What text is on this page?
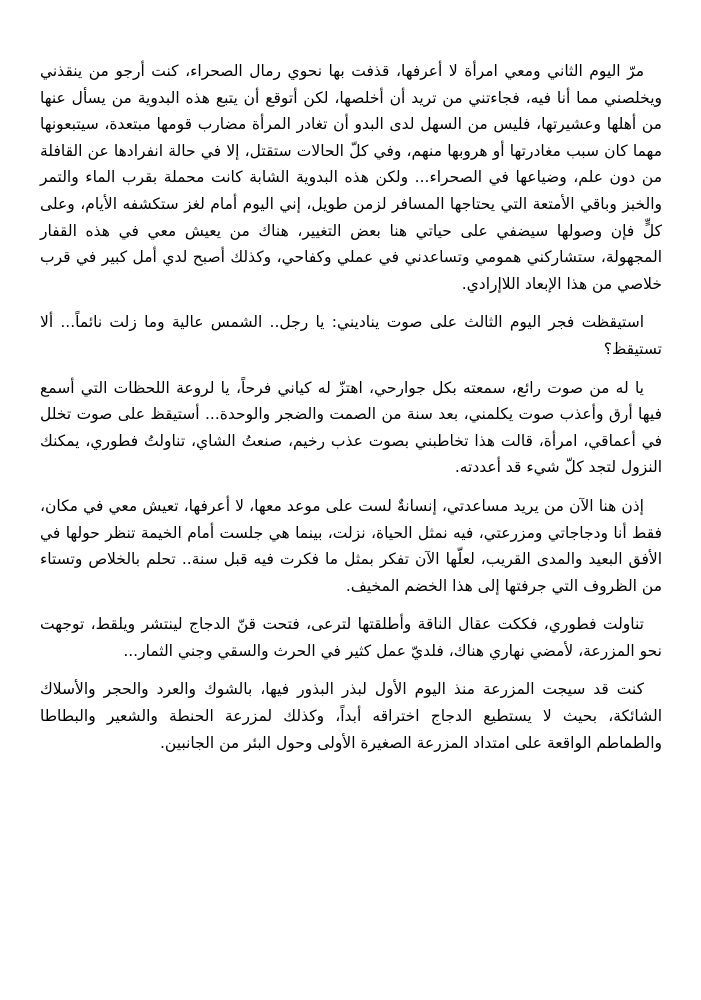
مرّ اليوم الثاني ومعي امرأة لا أعرفها، قذفت بها نحوي رمال الصحراء، كنت أرجو من ينقذني ويخلصني مما أنا فيه، فجاءتني من تريد أن أخلصها، لكن أتوقع أن يتبع هذه البدوية من يسأل عنها من أهلها وعشيرتها، فليس من السهل لدى البدو أن تغادر المرأة مضارب قومها مبتعدة، سيتبعونها مهما كان سبب مغادرتها أو هروبها منهم، وفي كلّ الحالات ستقتل، إلا في حالة انفرادها عن القافلة من دون علم، وضياعها في الصحراء... ولكن هذه البدوية الشابة كانت محملة بقرب الماء والتمر والخبز وباقي الأمتعة التي يحتاجها المسافر لزمن طويل، إني اليوم أمام لغز ستكشفه الأيام، وعلى كلٍّ فإن وصولها سيضفي على حياتي هنا بعض التغيير، هناك من يعيش معي في هذه القفار المجهولة، ستشاركني همومي وتساعدني في عملي وكفاحي، وكذلك أصبح لدي أمل كبير في قرب خلاصي من هذا الإبعاد اللاإرادي.

استيقظت فجر اليوم الثالث على صوت يناديني: يا رجل.. الشمس عالية وما زلت نائماً... ألا تستيقظ؟

يا له من صوت رائع، سمعته بكل جوارحي، اهتزّ له كياني فرحاً، يا لروعة اللحظات التي أسمع فيها أرق وأعذب صوت يكلمني، بعد سنة من الصمت والضجر والوحدة... أستيقظ على صوت تخلل في أعماقي، امرأة، قالت هذا تخاطبني بصوت عذب رخيم، صنعتُ الشاي، تناولتُ فطوري، يمكنك النزول لتجد كلّ شيء قد أعددته.

إذن هنا الآن من يريد مساعدتي، إنسانةٌ لست على موعد معها، لا أعرفها، تعيش معي في مكان، فقط أنا ودجاجاتي ومزرعتي، فيه نمثل الحياة، نزلت، بينما هي جلست أمام الخيمة تنظر حولها في الأفق البعيد والمدى القريب، لعلّها الآن تفكر بمثل ما فكرت فيه قبل سنة.. تحلم بالخلاص وتستاء من الظروف التي جرفتها إلى هذا الخضم المخيف.

تناولت فطوري، فككت عقال الناقة وأطلقتها لترعى، فتحت قنّ الدجاج لينتشر ويلقط، توجهت نحو المزرعة، لأمضي نهاري هناك، فلديّ عمل كثير في الحرث والسقي وجني الثمار...

كنت قد سيجت المزرعة منذ اليوم الأول لبذر البذور فيها، بالشوك والعرد والحجر والأسلاك الشائكة، بحيث لا يستطيع الدجاج اختراقه أبداً، وكذلك لمزرعة الحنطة والشعير والبطاطا والطماطم الواقعة على امتداد المزرعة الصغيرة الأولى وحول البئر من الجانبين.
